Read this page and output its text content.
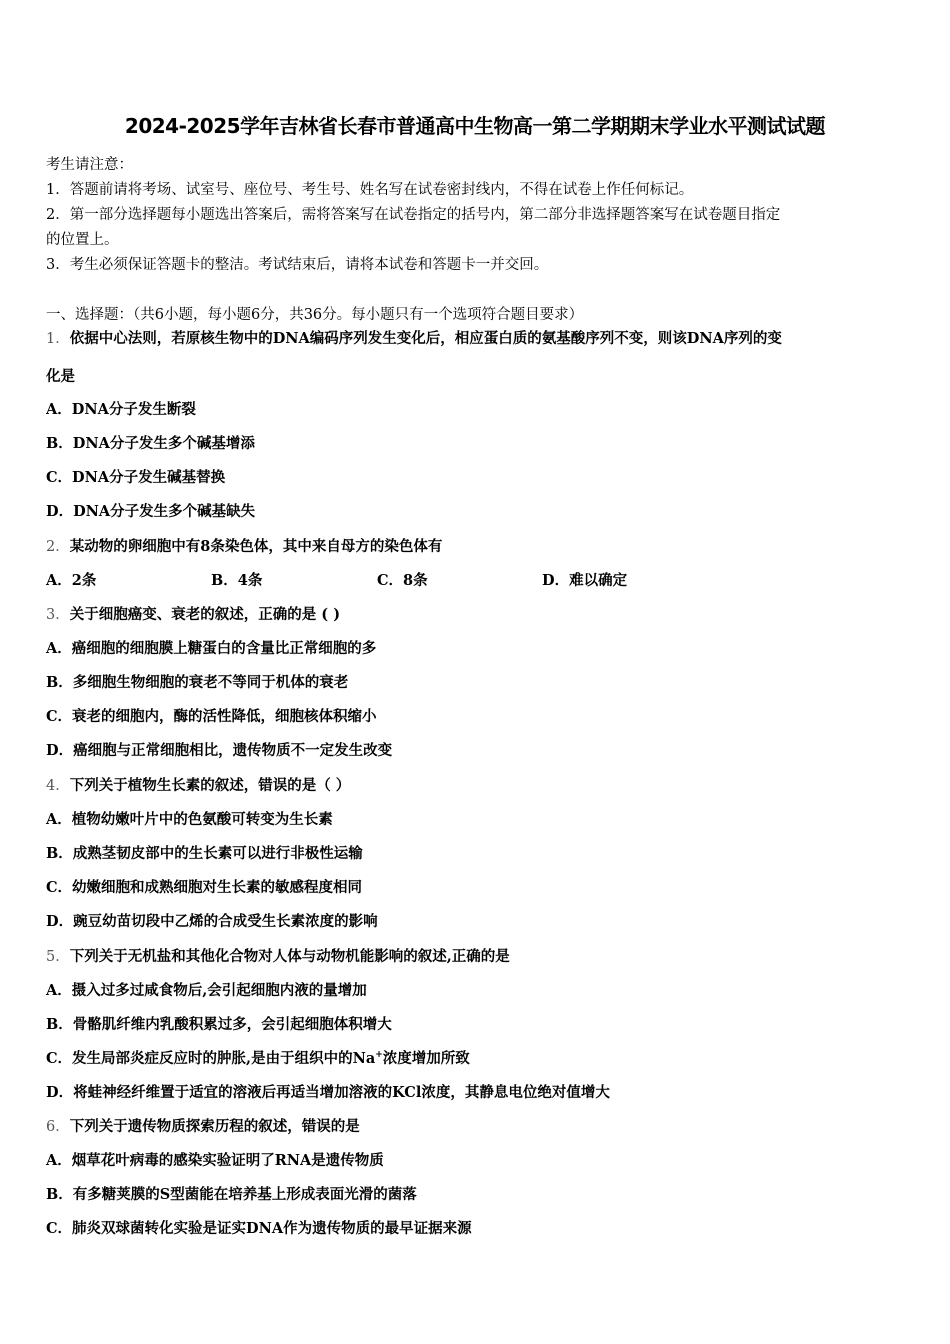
2024-2025学年吉林省长春市普通高中生物高一第二学期期末学业水平测试试题
考生请注意：
1．答题前请将考场、试室号、座位号、考生号、姓名写在试卷密封线内，不得在试卷上作任何标记。
2．第一部分选择题每小题选出答案后，需将答案写在试卷指定的括号内，第二部分非选择题答案写在试卷题目指定
的位置上。
3．考生必须保证答题卡的整洁。考试结束后，请将本试卷和答题卡一并交回。
一、选择题：（共6小题，每小题6分，共36分。每小题只有一个选项符合题目要求）
1．依据中心法则，若原核生物中的DNA编码序列发生变化后，相应蛋白质的氨基酸序列不变，则该DNA序列的变
化是
A．DNA分子发生断裂
B．DNA分子发生多个碱基增添
C．DNA分子发生碱基替换
D．DNA分子发生多个碱基缺失
2．某动物的卵细胞中有8条染色体，其中来自母方的染色体有
A．2条	B．4条	C．8条	D．难以确定
3．关于细胞癌变、衰老的叙述，正确的是 ( )
A．癌细胞的细胞膜上糖蛋白的含量比正常细胞的多
B．多细胞生物细胞的衰老不等同于机体的衰老
C．衰老的细胞内，酶的活性降低，细胞核体积缩小
D．癌细胞与正常细胞相比，遗传物质不一定发生改变
4．下列关于植物生长素的叙述，错误的是（ ）
A．植物幼嫩叶片中的色氨酸可转变为生长素
B．成熟茎韧皮部中的生长素可以进行非极性运输
C．幼嫩细胞和成熟细胞对生长素的敏感程度相同
D．豌豆幼苗切段中乙烯的合成受生长素浓度的影响
5．下列关于无机盐和其他化合物对人体与动物机能影响的叙述,正确的是
A．摄入过多过咸食物后,会引起细胞内液的量增加
B．骨骼肌纤维内乳酸积累过多，会引起细胞体积增大
C．发生局部炎症反应时的肿胀,是由于组织中的Na+浓度增加所致
D．将蛙神经纤维置于适宜的溶液后再适当增加溶液的KCl浓度，其静息电位绝对值增大
6．下列关于遗传物质探索历程的叙述，错误的是
A．烟草花叶病毒的感染实验证明了RNA是遗传物质
B．有多糖荚膜的S型菌能在培养基上形成表面光滑的菌落
C．肺炎双球菌转化实验是证实DNA作为遗传物质的最早证据来源
